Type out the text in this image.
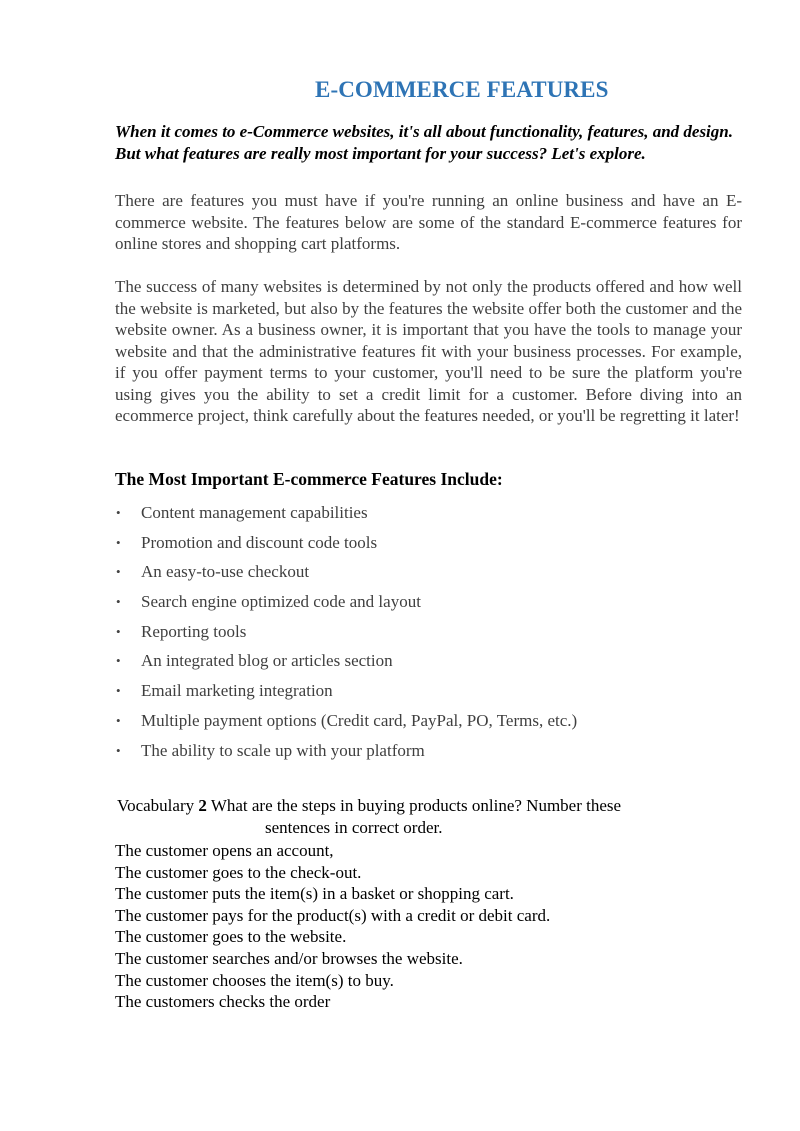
E-COMMERCE FEATURES
When it comes to e-Commerce websites, it's all about functionality, features, and design. But what features are really most important for your success? Let's explore.
There are features you must have if you're running an online business and have an E-commerce website. The features below are some of the standard E-commerce features for online stores and shopping cart platforms.
The success of many websites is determined by not only the products offered and how well the website is marketed, but also by the features the website offer both the customer and the website owner. As a business owner, it is important that you have the tools to manage your website and that the administrative features fit with your business processes. For example, if you offer payment terms to your customer, you'll need to be sure the platform you're using gives you the ability to set a credit limit for a customer. Before diving into an ecommerce project, think carefully about the features needed, or you'll be regretting it later!
The Most Important E-commerce Features Include:
• Content management capabilities
• Promotion and discount code tools
• An easy-to-use checkout
• Search engine optimized code and layout
• Reporting tools
• An integrated blog or articles section
• Email marketing integration
• Multiple payment options (Credit card, PayPal, PO, Terms, etc.)
• The ability to scale up with your platform
Vocabulary 2 What are the steps in buying products online? Number these
sentences in correct order.
The customer opens an account,
The customer goes to the check-out.
The customer puts the item(s) in a basket or shopping cart.
The customer pays for the product(s) with a credit or debit card.
The customer goes to the website.
The customer searches and/or browses the website.
The customer chooses the item(s) to buy.
The customers checks the order
